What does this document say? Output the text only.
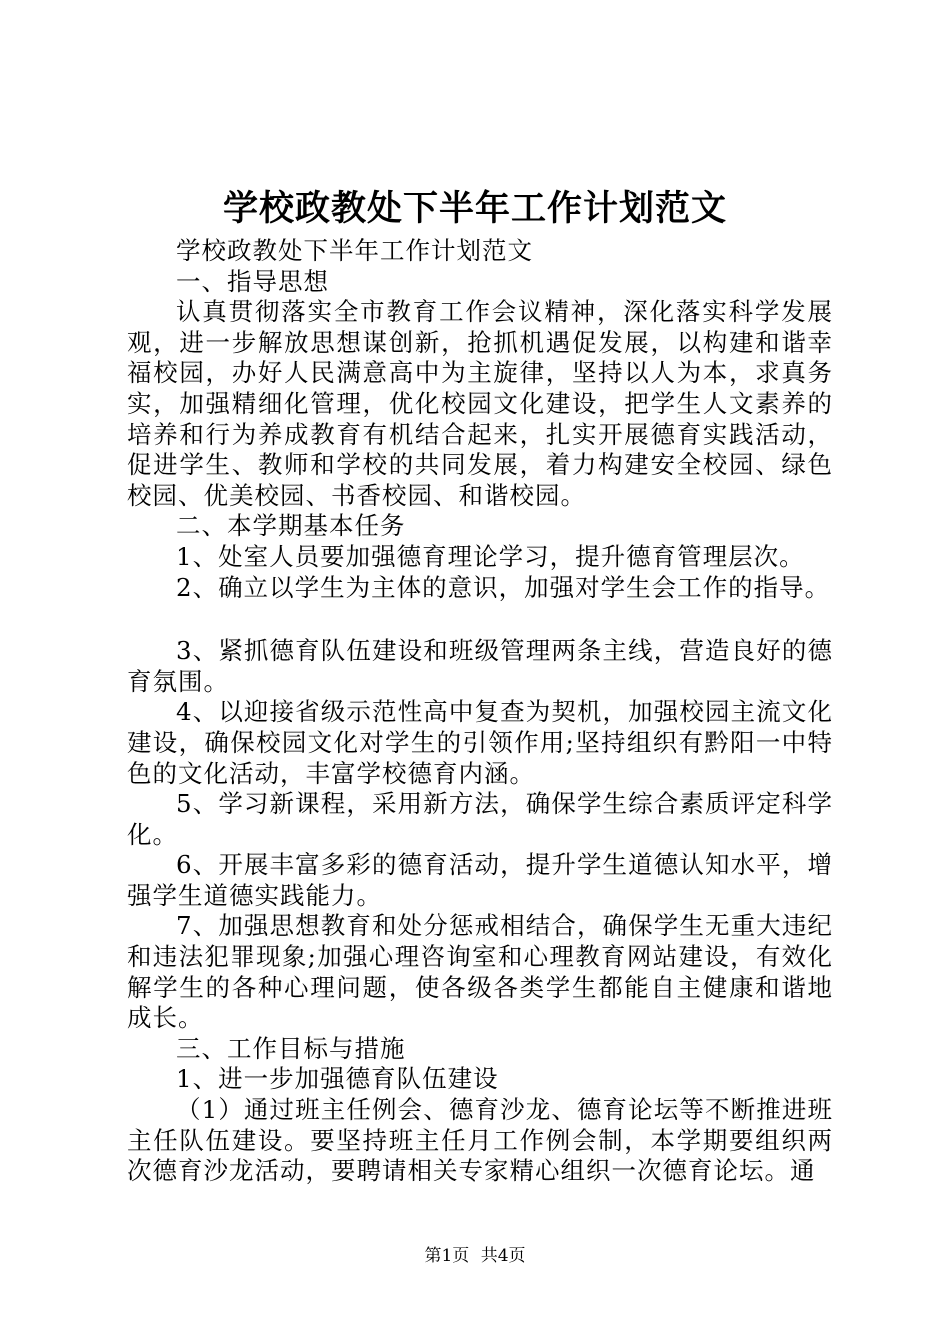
学校政教处下半年工作计划范文

学校政教处下半年工作计划范文

一、指导思想

认真贯彻落实全市教育工作会议精神，深化落实科学发展观，进一步解放思想谋创新，抢抓机遇促发展，以构建和谐幸福校园，办好人民满意高中为主旋律，坚持以人为本，求真务实，加强精细化管理，优化校园文化建设，把学生人文素养的培养和行为养成教育有机结合起来，扎实开展德育实践活动，促进学生、教师和学校的共同发展，着力构建安全校园、绿色校园、优美校园、书香校园、和谐校园。

二、本学期基本任务

1、处室人员要加强德育理论学习，提升德育管理层次。

2、确立以学生为主体的意识，加强对学生会工作的指导。

3、紧抓德育队伍建设和班级管理两条主线，营造良好的德育氛围。

4、以迎接省级示范性高中复查为契机，加强校园主流文化建设，确保校园文化对学生的引领作用;坚持组织有黔阳一中特色的文化活动，丰富学校德育内涵。

5、学习新课程，采用新方法，确保学生综合素质评定科学化。

6、开展丰富多彩的德育活动，提升学生道德认知水平，增强学生道德实践能力。

7、加强思想教育和处分惩戒相结合，确保学生无重大违纪和违法犯罪现象;加强心理咨询室和心理教育网站建设，有效化解学生的各种心理问题，使各级各类学生都能自主健康和谐地成长。

三、工作目标与措施

1、进一步加强德育队伍建设

（1）通过班主任例会、德育沙龙、德育论坛等不断推进班主任队伍建设。要坚持班主任月工作例会制，本学期要组织两次德育沙龙活动，要聘请相关专家精心组织一次德育论坛。通

第1页 共4页
